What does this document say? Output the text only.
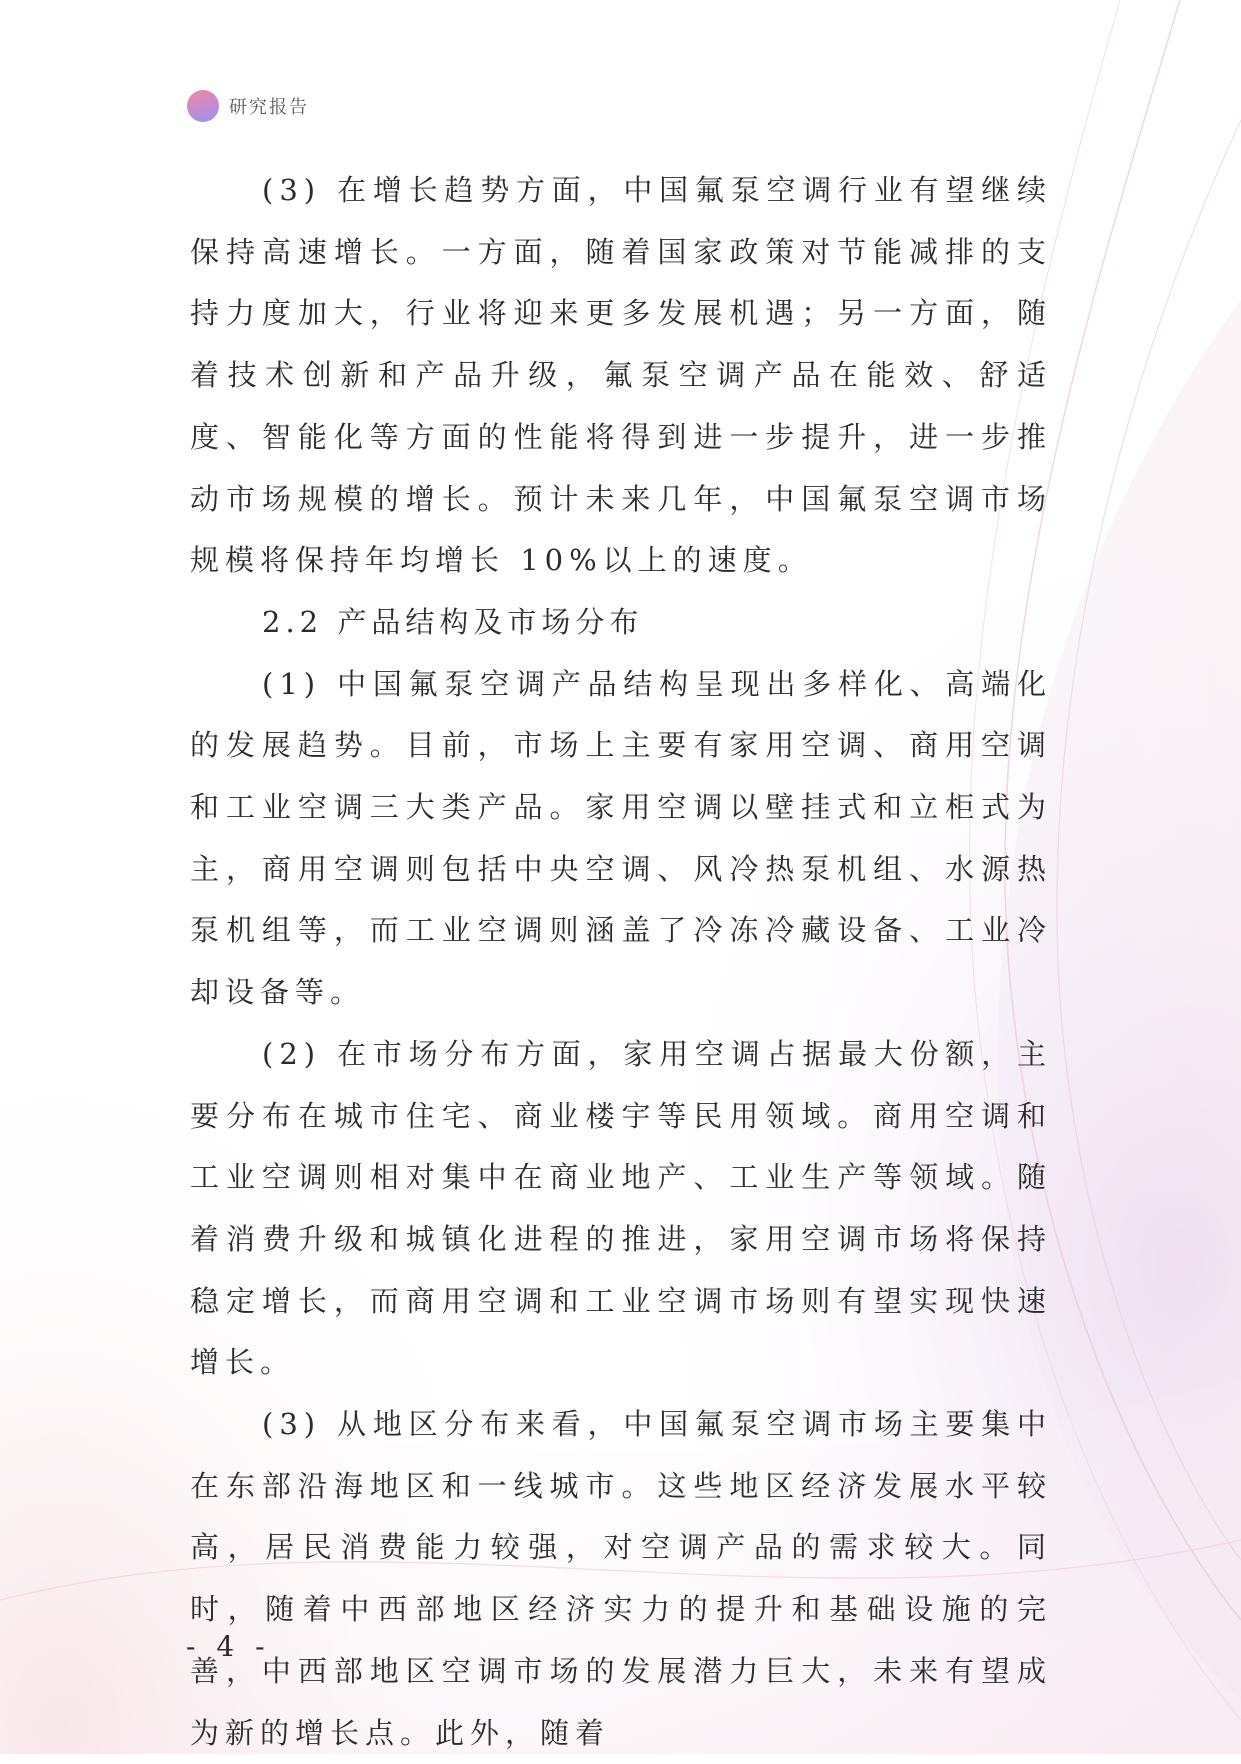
研究报告

(3) 在增长趋势方面，中国氟泵空调行业有望继续保持高速增长。一方面，随着国家政策对节能减排的支持力度加大，行业将迎来更多发展机遇；另一方面，随着技术创新和产品升级，氟泵空调产品在能效、舒适度、智能化等方面的性能将得到进一步提升，进一步推动市场规模的增长。预计未来几年，中国氟泵空调市场规模将保持年均增长 10%以上的速度。

2.2 产品结构及市场分布

(1) 中国氟泵空调产品结构呈现出多样化、高端化的发展趋势。目前，市场上主要有家用空调、商用空调和工业空调三大类产品。家用空调以壁挂式和立柜式为主，商用空调则包括中央空调、风冷热泵机组、水源热泵机组等，而工业空调则涵盖了冷冻冷藏设备、工业冷却设备等。

(2) 在市场分布方面，家用空调占据最大份额，主要分布在城市住宅、商业楼宇等民用领域。商用空调和工业空调则相对集中在商业地产、工业生产等领域。随着消费升级和城镇化进程的推进，家用空调市场将保持稳定增长，而商用空调和工业空调市场则有望实现快速增长。

(3) 从地区分布来看，中国氟泵空调市场主要集中在东部沿海地区和一线城市。这些地区经济发展水平较高，居民消费能力较强，对空调产品的需求较大。同时，随着中西部地区经济实力的提升和基础设施的完善，中西部地区空调市场的发展潜力巨大，未来有望成为新的增长点。此外，随着

- 4 -
